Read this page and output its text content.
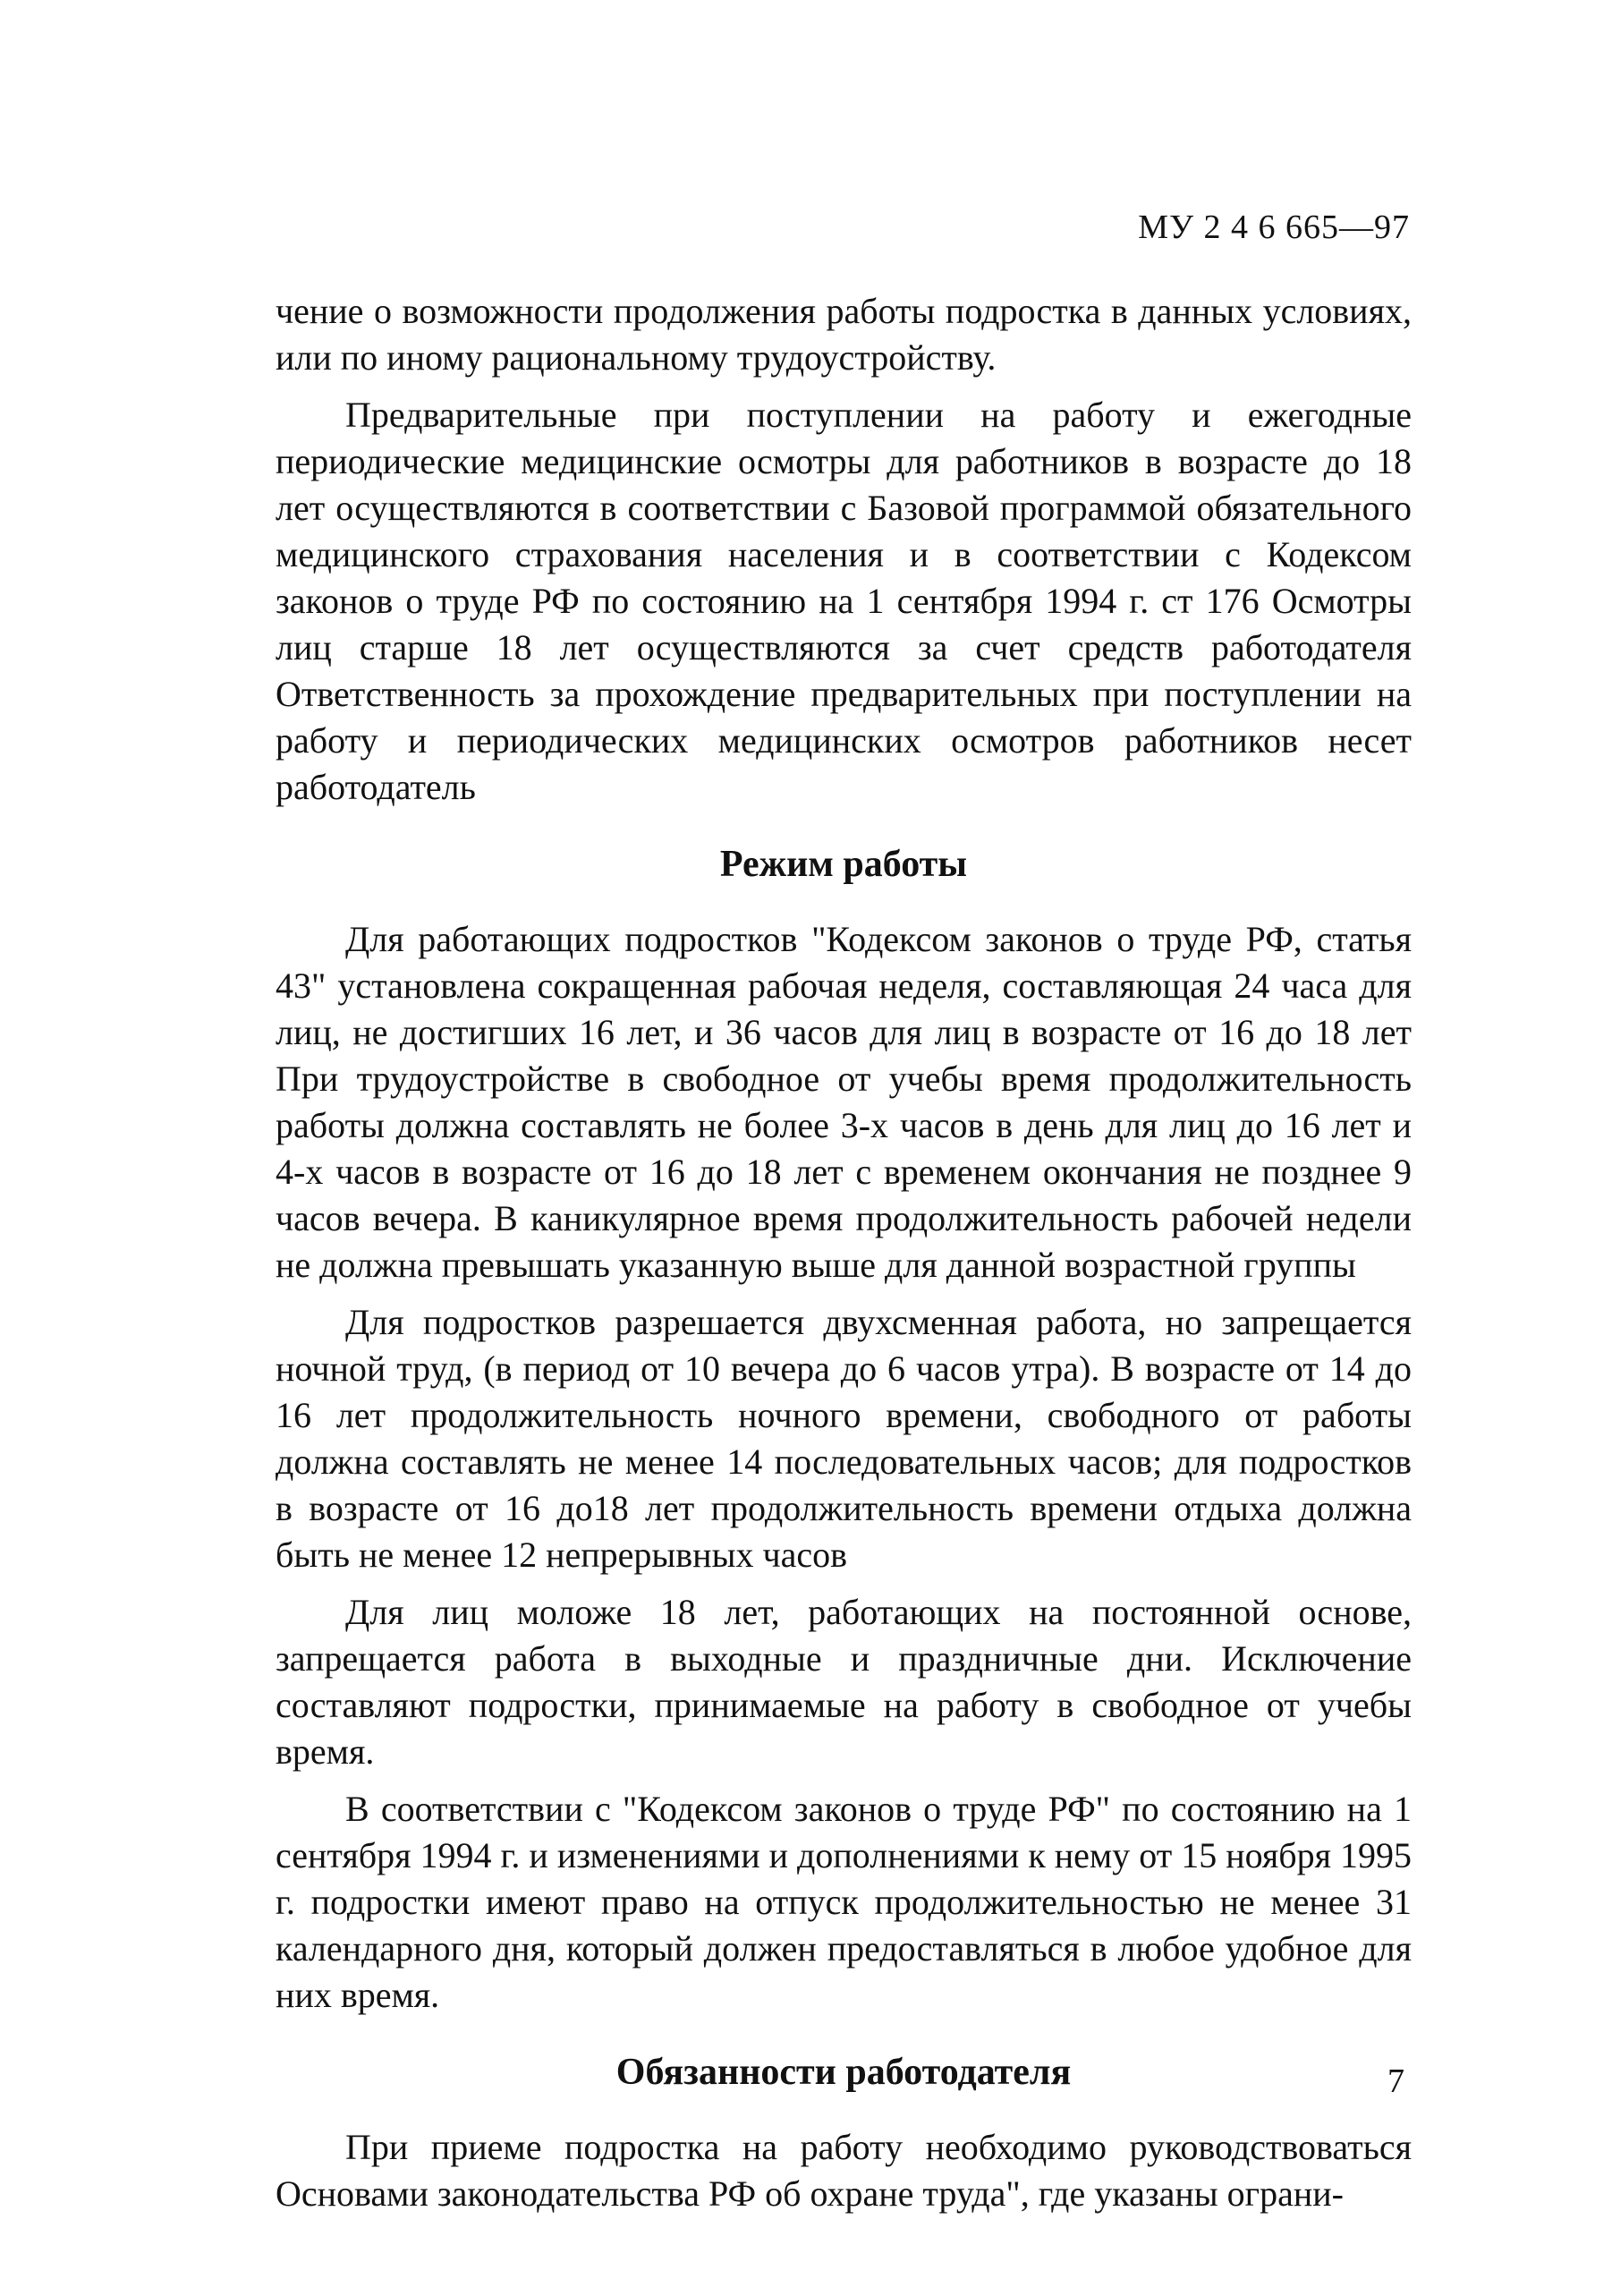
МУ 2 4 6 665—97

чение о возможности продолжения работы подростка в данных условиях, или по иному рациональному трудоустройству.

Предварительные при поступлении на работу и ежегодные периодические медицинские осмотры для работников в возрасте до 18 лет осуществляются в соответствии с Базовой программой обязательного медицинского страхования населения и в соответствии с Кодексом законов о труде РФ по состоянию на 1 сентября 1994 г. ст 176 Осмотры лиц старше 18 лет осуществляются за счет средств работодателя Ответственность за прохождение предварительных при поступлении на работу и периодических медицинских осмотров работников несет работодатель

Режим работы

Для работающих подростков "Кодексом законов о труде РФ, статья 43" установлена сокращенная рабочая неделя, составляющая 24 часа для лиц, не достигших 16 лет, и 36 часов для лиц в возрасте от 16 до 18 лет При трудоустройстве в свободное от учебы время продолжительность работы должна составлять не более 3-х часов в день для лиц до 16 лет и 4-х часов в возрасте от 16 до 18 лет с временем окончания не позднее 9 часов вечера. В каникулярное время продолжительность рабочей недели не должна превышать указанную выше для данной возрастной группы

Для подростков разрешается двухсменная работа, но запрещается ночной труд, (в период от 10 вечера до 6 часов утра). В возрасте от 14 до 16 лет продолжительность ночного времени, свободного от работы должна составлять не менее 14 последовательных часов; для подростков в возрасте от 16 до18 лет продолжительность времени отдыха должна быть не менее 12 непрерывных часов

Для лиц моложе 18 лет, работающих на постоянной основе, запрещается работа в выходные и праздничные дни. Исключение составляют подростки, принимаемые на работу в свободное от учебы время.

В соответствии с "Кодексом законов о труде РФ" по состоянию на 1 сентября 1994 г. и изменениями и дополнениями к нему от 15 ноября 1995 г. подростки имеют право на отпуск продолжительностью не менее 31 календарного дня, который должен предоставляться в любое удобное для них время.

Обязанности работодателя

При приеме подростка на работу необходимо руководствоваться Основами законодательства РФ об охране труда", где указаны ограни-

7
